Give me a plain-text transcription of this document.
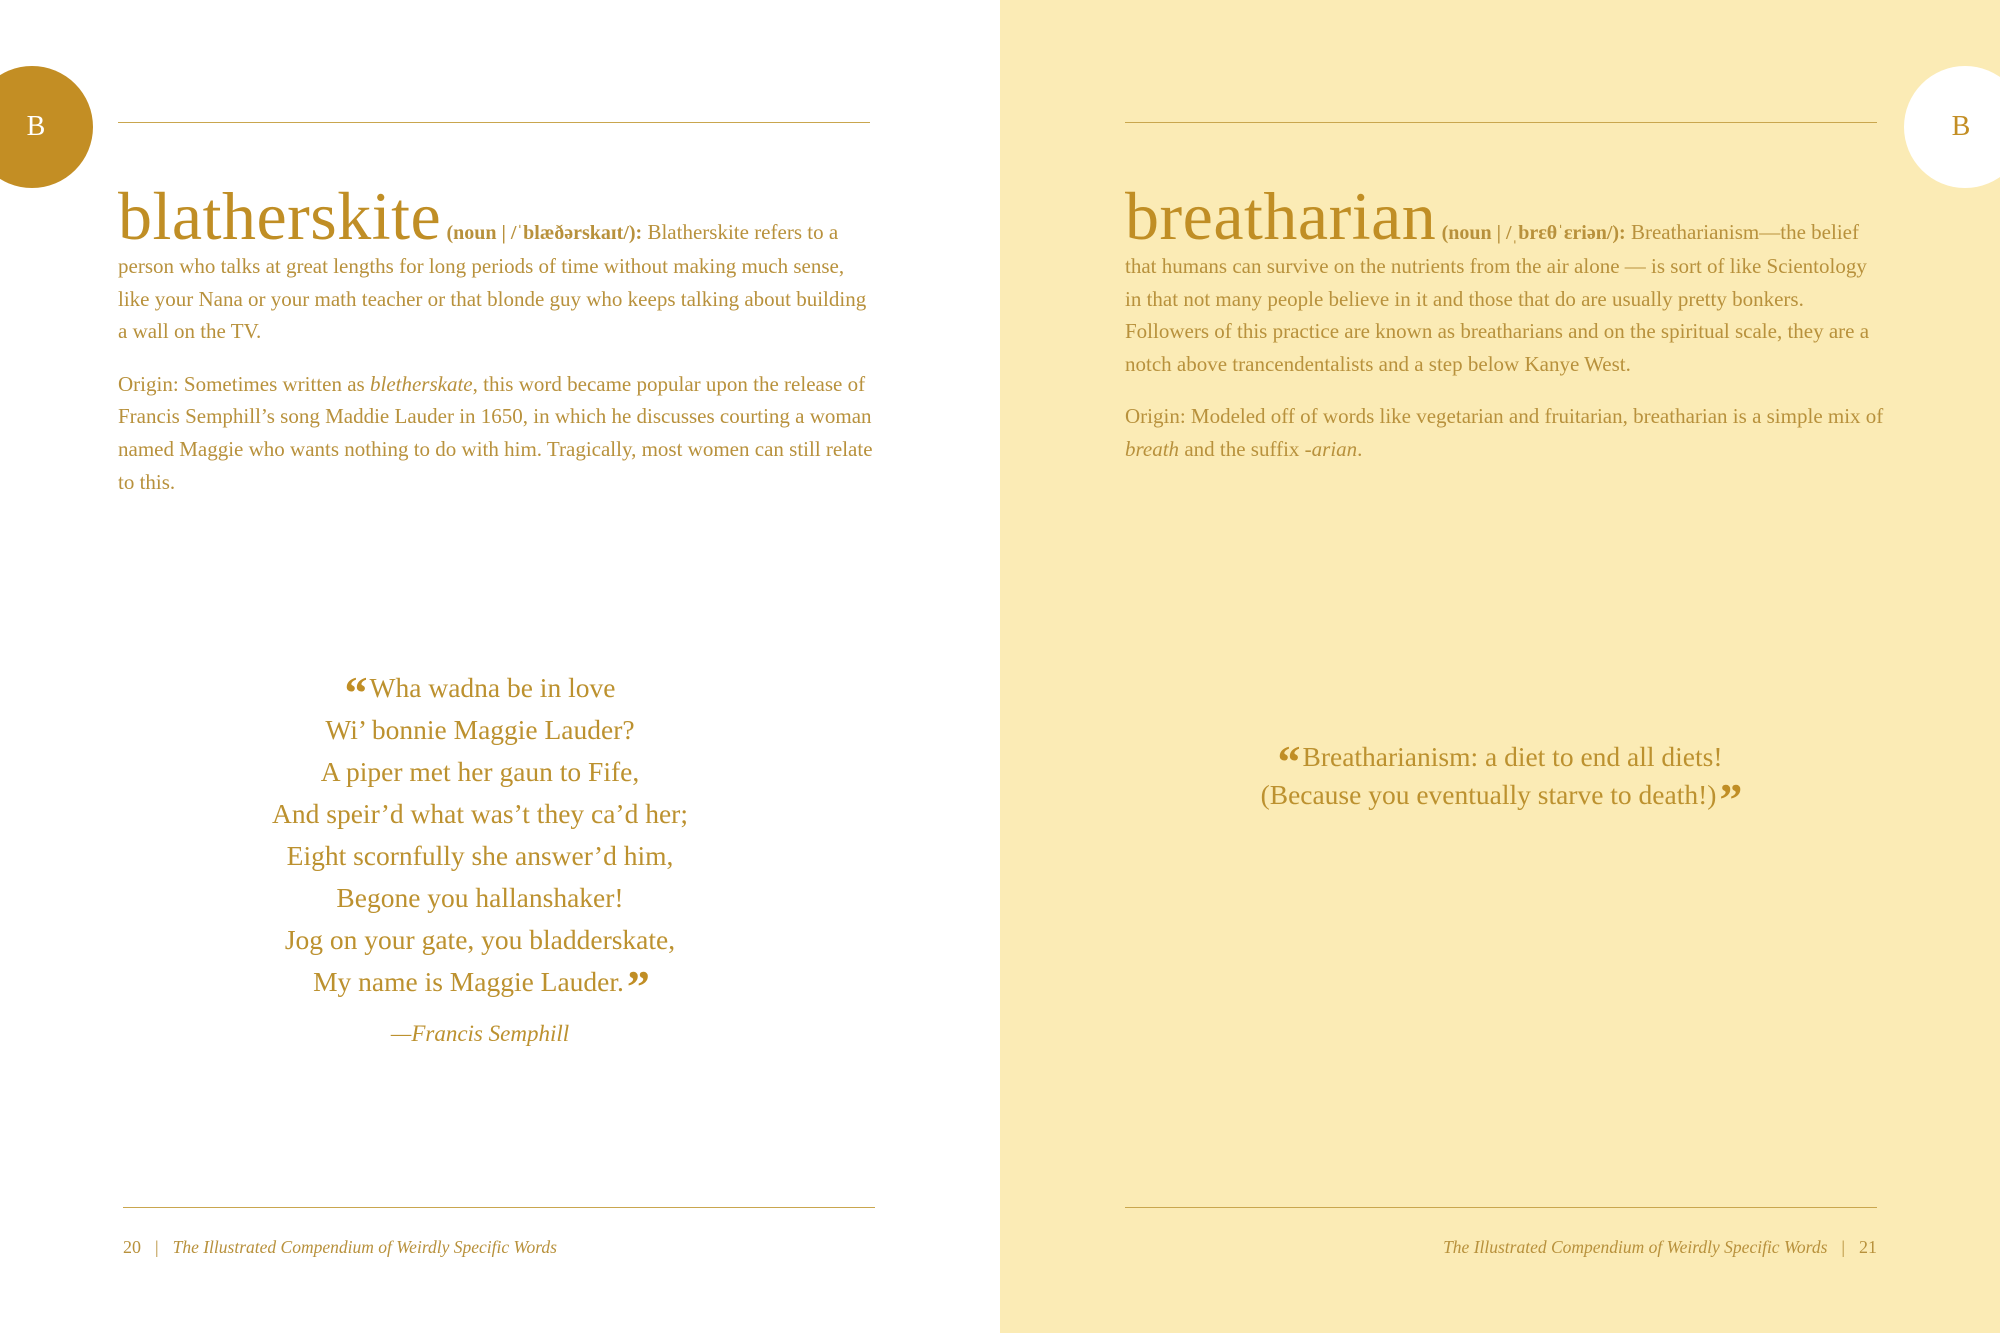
B

blatherskite (noun | /ˈblæðərskaɪt/): Blatherskite refers to a person who talks at great lengths for long periods of time without making much sense, like your Nana or your math teacher or that blonde guy who keeps talking about building a wall on the TV.

Origin: Sometimes written as bletherskate, this word became popular upon the release of Francis Semphill’s song Maddie Lauder in 1650, in which he discusses courting a woman named Maggie who wants nothing to do with him. Tragically, most women can still relate to this.

“ Wha wadna be in love
Wi’ bonnie Maggie Lauder?
A piper met her gaun to Fife,
And speir’d what was’t they ca’d her;
Eight scornfully she answer’d him,
Begone you hallanshaker!
Jog on your gate, you bladderskate,
My name is Maggie Lauder.”
—Francis Semphill
20 | The Illustrated Compendium of Weirdly Specific Words
B

breatharian (noun | /ˌbrɛθˈɛriən/): Breatharianism—the belief that humans can survive on the nutrients from the air alone — is sort of like Scientology in that not many people believe in it and those that do are usually pretty bonkers. Followers of this practice are known as breatharians and on the spiritual scale, they are a notch above trancendentalists and a step below Kanye West.

Origin: Modeled off of words like vegetarian and fruitarian, breatharian is a simple mix of breath and the suffix -arian.

“ Breatharianism: a diet to end all diets!
(Because you eventually starve to death!)”
The Illustrated Compendium of Weirdly Specific Words | 21
